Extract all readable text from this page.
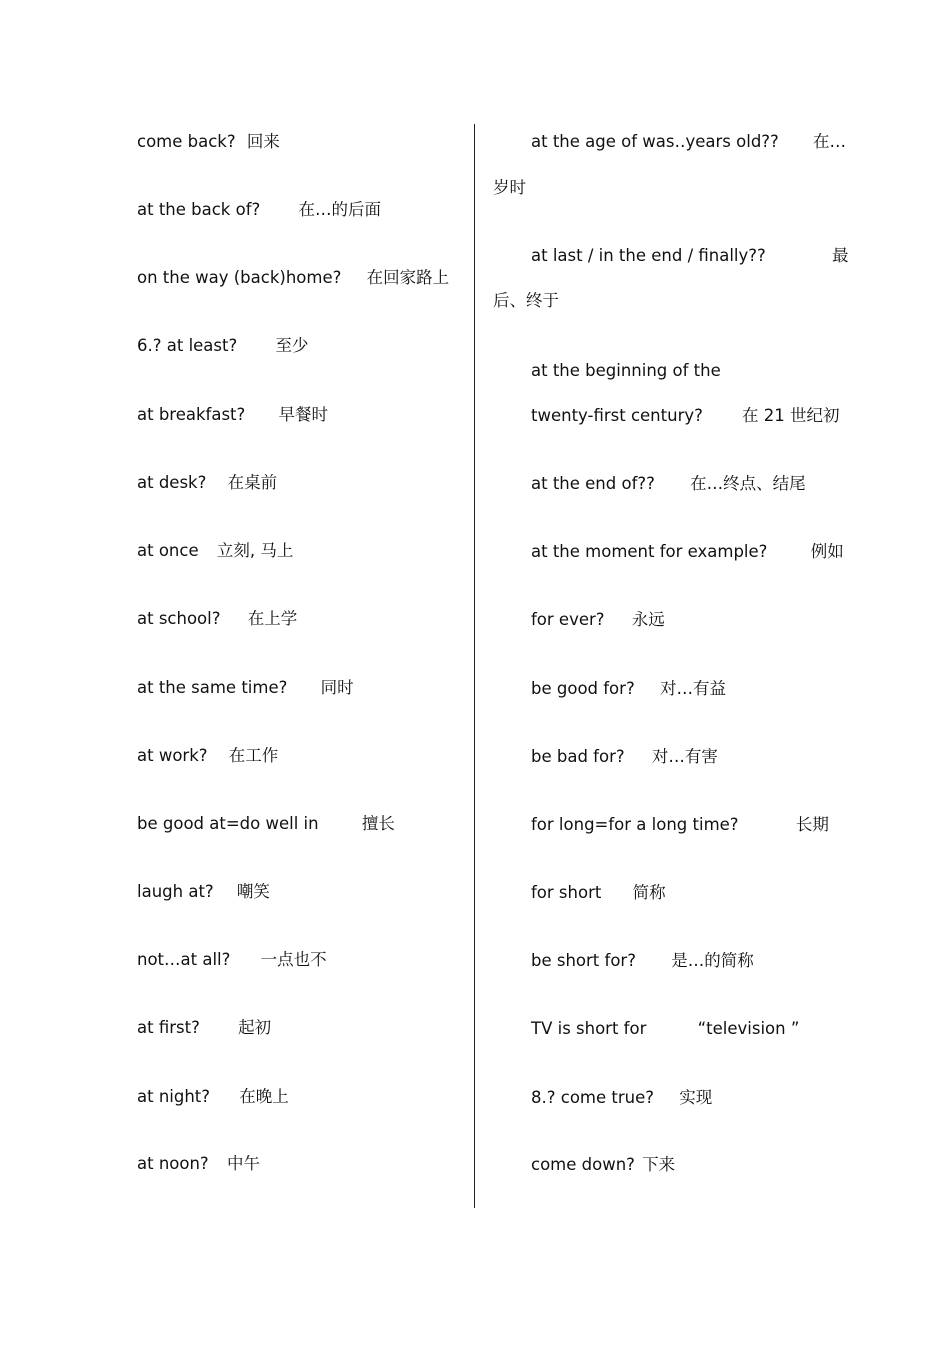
come back? 回来
at the back of? 在…的后面
on the way (back)home? 在回家路上
6.? at least? 至少
at breakfast? 早餐时
at desk? 在桌前
at once 立刻, 马上
at school? 在上学
at the same time? 同时
at work? 在工作
be good at=do well in	擅长
laugh at? 嘲笑
not…at all? 一点也不
at first? 起初
at night? 在晚上
at noon? 中午
at the age of was‥years old?? 在…
岁时
at last / in the end / finally??	最
后、终于
at the beginning of the
twenty-first century? 在 21 世纪初
at the end of?? 在…终点、结尾
at the moment for example?	例如
for ever? 永远
be good for? 对…有益
be bad for? 对…有害
for long=for a long time?	长期
for short 简称
be short for? 是…的简称
TV is short for	“television ”
8.? come true? 实现
come down? 下来
